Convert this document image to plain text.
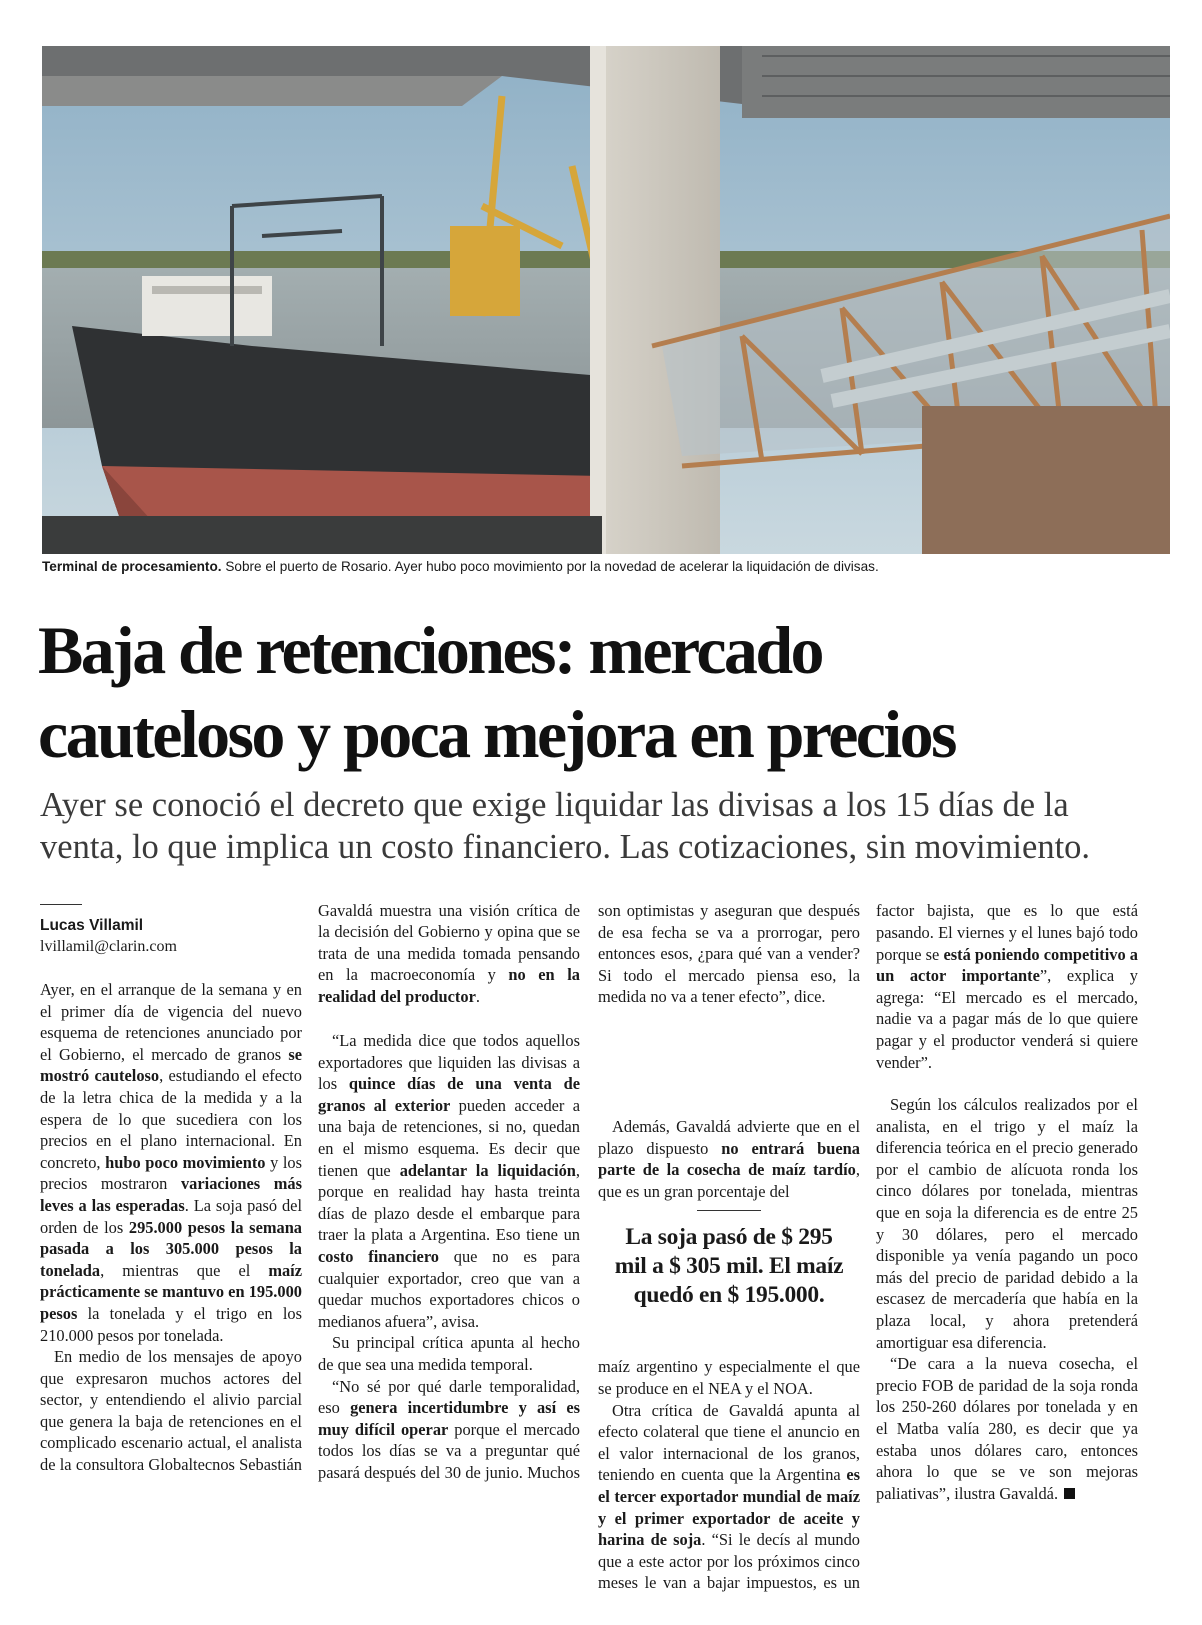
Terminal de procesamiento. Sobre el puerto de Rosario. Ayer hubo poco movimiento por la novedad de acelerar la liquidación de divisas.
Baja de retenciones: mercado
cauteloso y poca mejora en precios

Ayer se conoció el decreto que exige liquidar las divisas a los 15 días de la
venta, lo que implica un costo financiero. Las cotizaciones, sin movimiento.

Lucas Villamil
lvillamil@clarin.com

Ayer, en el arranque de la semana y en el primer día de vigencia del nuevo esquema de retenciones anunciado por el Gobierno, el mercado de granos se mostró cauteloso, estudiando el efecto de la letra chica de la medida y a la espera de lo que sucediera con los precios en el plano internacional. En concreto, hubo poco movimiento y los precios mostraron variaciones más leves a las esperadas. La soja pasó del orden de los 295.000 pesos la semana pasada a los 305.000 pesos la tonelada, mientras que el maíz prácticamente se mantuvo en 195.000 pesos la tonelada y el trigo en los 210.000 pesos por tonelada.

En medio de los mensajes de apoyo que expresaron muchos actores del sector, y entendiendo el alivio parcial que genera la baja de retenciones en el complicado escenario actual, el analista de la consultora Globaltecnos Sebastián

Gavaldá muestra una visión crítica de la decisión del Gobierno y opina que se trata de una medida tomada pensando en la macroeconomía y no en la realidad del productor.

“La medida dice que todos aquellos exportadores que liquiden las divisas a los quince días de una venta de granos al exterior pueden acceder a una baja de retenciones, si no, quedan en el mismo esquema. Es decir que tienen que adelantar la liquidación, porque en realidad hay hasta treinta días de plazo desde el embarque para traer la plata a Argentina. Eso tiene un costo financiero que no es para cualquier exportador, creo que van a quedar muchos exportadores chicos o medianos afuera”, avisa.

Su principal crítica apunta al hecho de que sea una medida temporal.

“No sé por qué darle temporalidad, eso genera incertidumbre y así es muy difícil operar porque el mercado todos los días se va a preguntar qué pasará después del 30 de junio. Muchos

son optimistas y aseguran que después de esa fecha se va a prorrogar, pero entonces esos, ¿para qué van a vender? Si todo el mercado piensa eso, la medida no va a tener efecto”, dice.

Además, Gavaldá advierte que en el plazo dispuesto no entrará buena parte de la cosecha de maíz tardío, que es un gran porcentaje del

La soja pasó de $ 295
mil a $ 305 mil. El maíz
quedó en $ 195.000.

maíz argentino y especialmente el que se produce en el NEA y el NOA.

Otra crítica de Gavaldá apunta al efecto colateral que tiene el anuncio en el valor internacional de los granos, teniendo en cuenta que la Argentina es el tercer exportador mundial de maíz y el primer exportador de aceite y harina de soja. “Si le decís al mundo que a este actor por los próximos cinco meses le van a bajar impuestos, es un

factor bajista, que es lo que está pasando. El viernes y el lunes bajó todo porque se está poniendo competitivo a un actor importante”, explica y agrega: “El mercado es el mercado, nadie va a pagar más de lo que quiere pagar y el productor venderá si quiere vender”.

Según los cálculos realizados por el analista, en el trigo y el maíz la diferencia teórica en el precio generado por el cambio de alícuota ronda los cinco dólares por tonelada, mientras que en soja la diferencia es de entre 25 y 30 dólares, pero el mercado disponible ya venía pagando un poco más del precio de paridad debido a la escasez de mercadería que había en la plaza local, y ahora pretenderá amortiguar esa diferencia.

“De cara a la nueva cosecha, el precio FOB de paridad de la soja ronda los 250-260 dólares por tonelada y en el Matba valía 280, es decir que ya estaba unos dólares caro, entonces ahora lo que se ve son mejoras paliativas”, ilustra Gavaldá.
